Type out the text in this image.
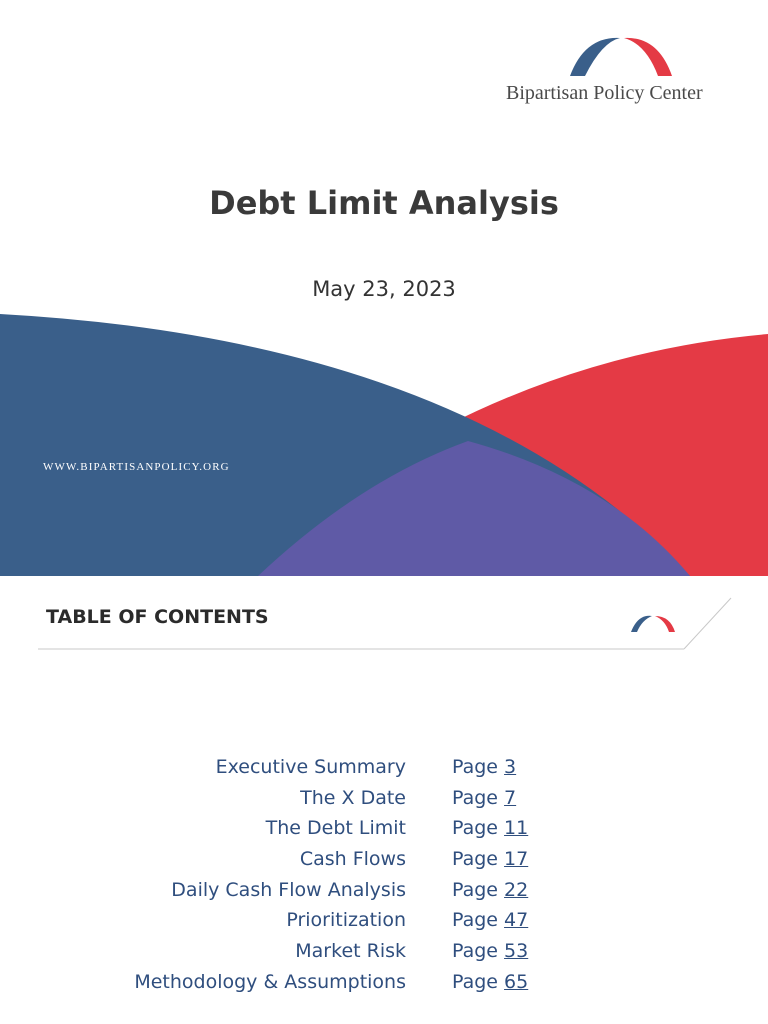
Bipartisan Policy Center
Debt Limit Analysis
May 23, 2023
WWW.BIPARTISANPOLICY.ORG
TABLE OF CONTENTS
Executive Summary Page 3
The X Date Page 7
The Debt Limit Page 11
Cash Flows Page 17
Daily Cash Flow Analysis Page 22
Prioritization Page 47
Market Risk Page 53
Methodology & Assumptions Page 65
